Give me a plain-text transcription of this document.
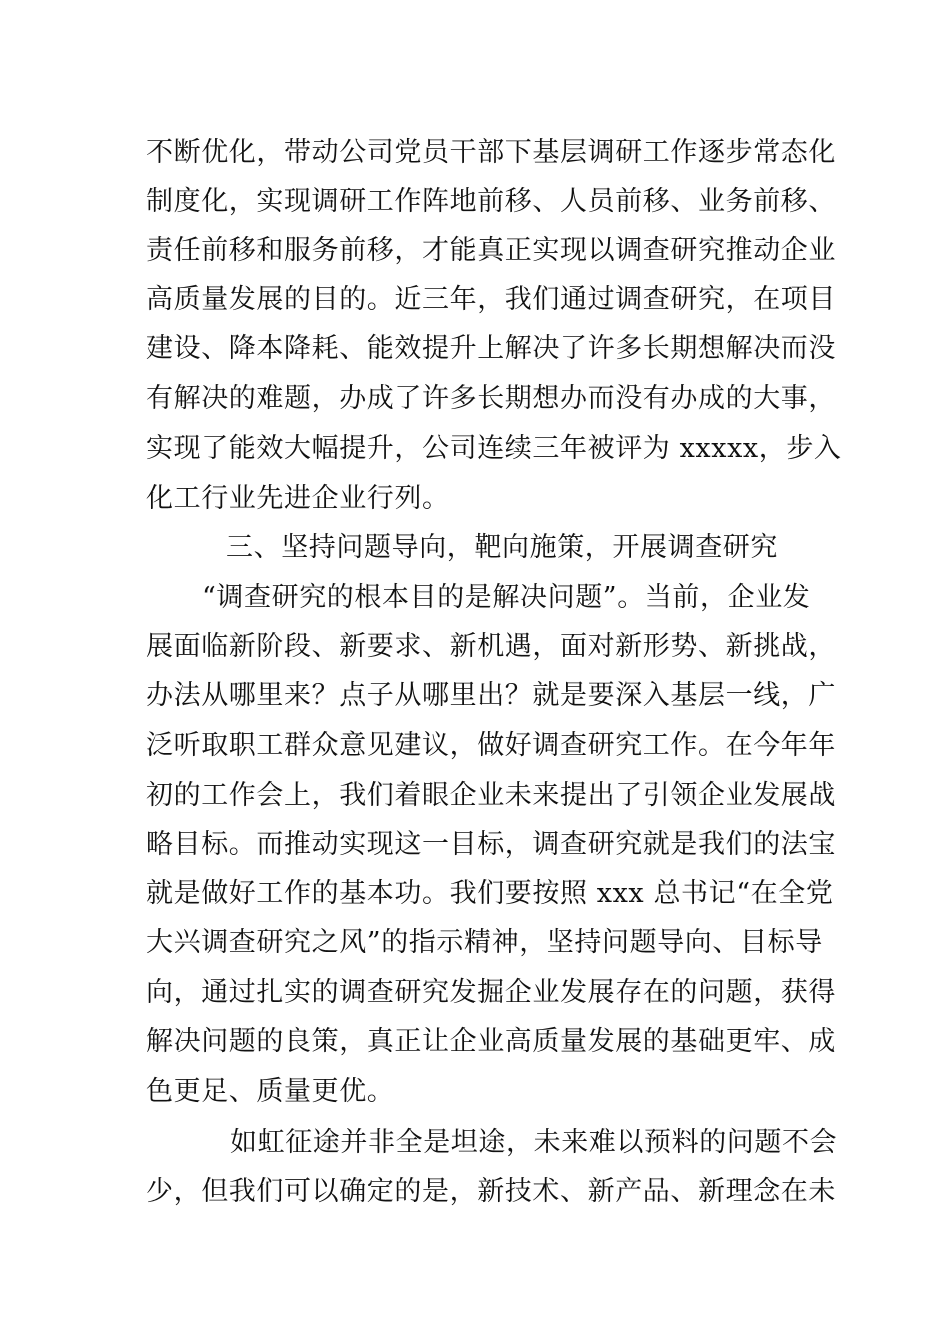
不断优化，带动公司党员干部下基层调研工作逐步常态化
制度化，实现调研工作阵地前移、人员前移、业务前移、
责任前移和服务前移，才能真正实现以调查研究推动企业
高质量发展的目的。近三年，我们通过调查研究，在项目
建设、降本降耗、能效提升上解决了许多长期想解决而没
有解决的难题，办成了许多长期想办而没有办成的大事，
实现了能效大幅提升，公司连续三年被评为 xxxxx，步入
化工行业先进企业行列。
三、坚持问题导向，靶向施策，开展调查研究
“调查研究的根本目的是解决问题”。当前，企业发
展面临新阶段、新要求、新机遇，面对新形势、新挑战，
办法从哪里来？点子从哪里出？就是要深入基层一线，广
泛听取职工群众意见建议，做好调查研究工作。在今年年
初的工作会上，我们着眼企业未来提出了引领企业发展战
略目标。而推动实现这一目标，调查研究就是我们的法宝
就是做好工作的基本功。我们要按照 xxx 总书记“在全党
大兴调查研究之风”的指示精神，坚持问题导向、目标导
向，通过扎实的调查研究发掘企业发展存在的问题，获得
解决问题的良策，真正让企业高质量发展的基础更牢、成
色更足、质量更优。
如虹征途并非全是坦途，未来难以预料的问题不会
少，但我们可以确定的是，新技术、新产品、新理念在未
